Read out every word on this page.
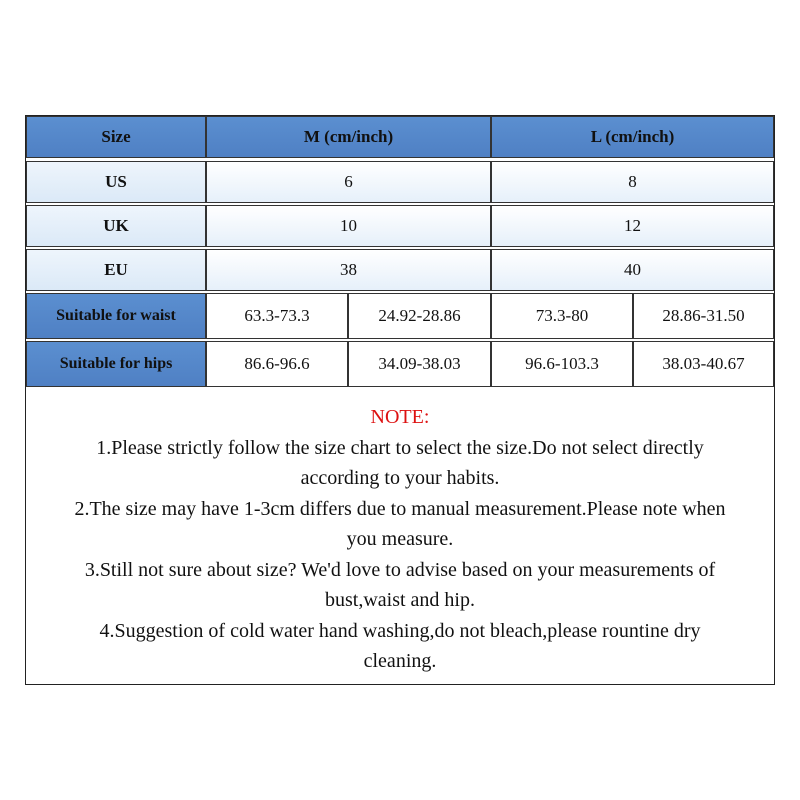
Size	M (cm/inch)	L (cm/inch)
US	6	8
UK	10	12
EU	38	40
Suitable for waist	63.3-73.3	24.92-28.86	73.3-80	28.86-31.50
Suitable for hips	86.6-96.6	34.09-38.03	96.6-103.3	38.03-40.67
NOTE:
1.Please strictly follow the size chart to select the size.Do not select directly
according to your habits.
2.The size may have 1-3cm differs due to manual measurement.Please note when
you measure.
3.Still not sure about size? We'd love to advise based on your measurements of
bust,waist and hip.
4.Suggestion of cold water hand washing,do not bleach,please rountine dry
cleaning.
